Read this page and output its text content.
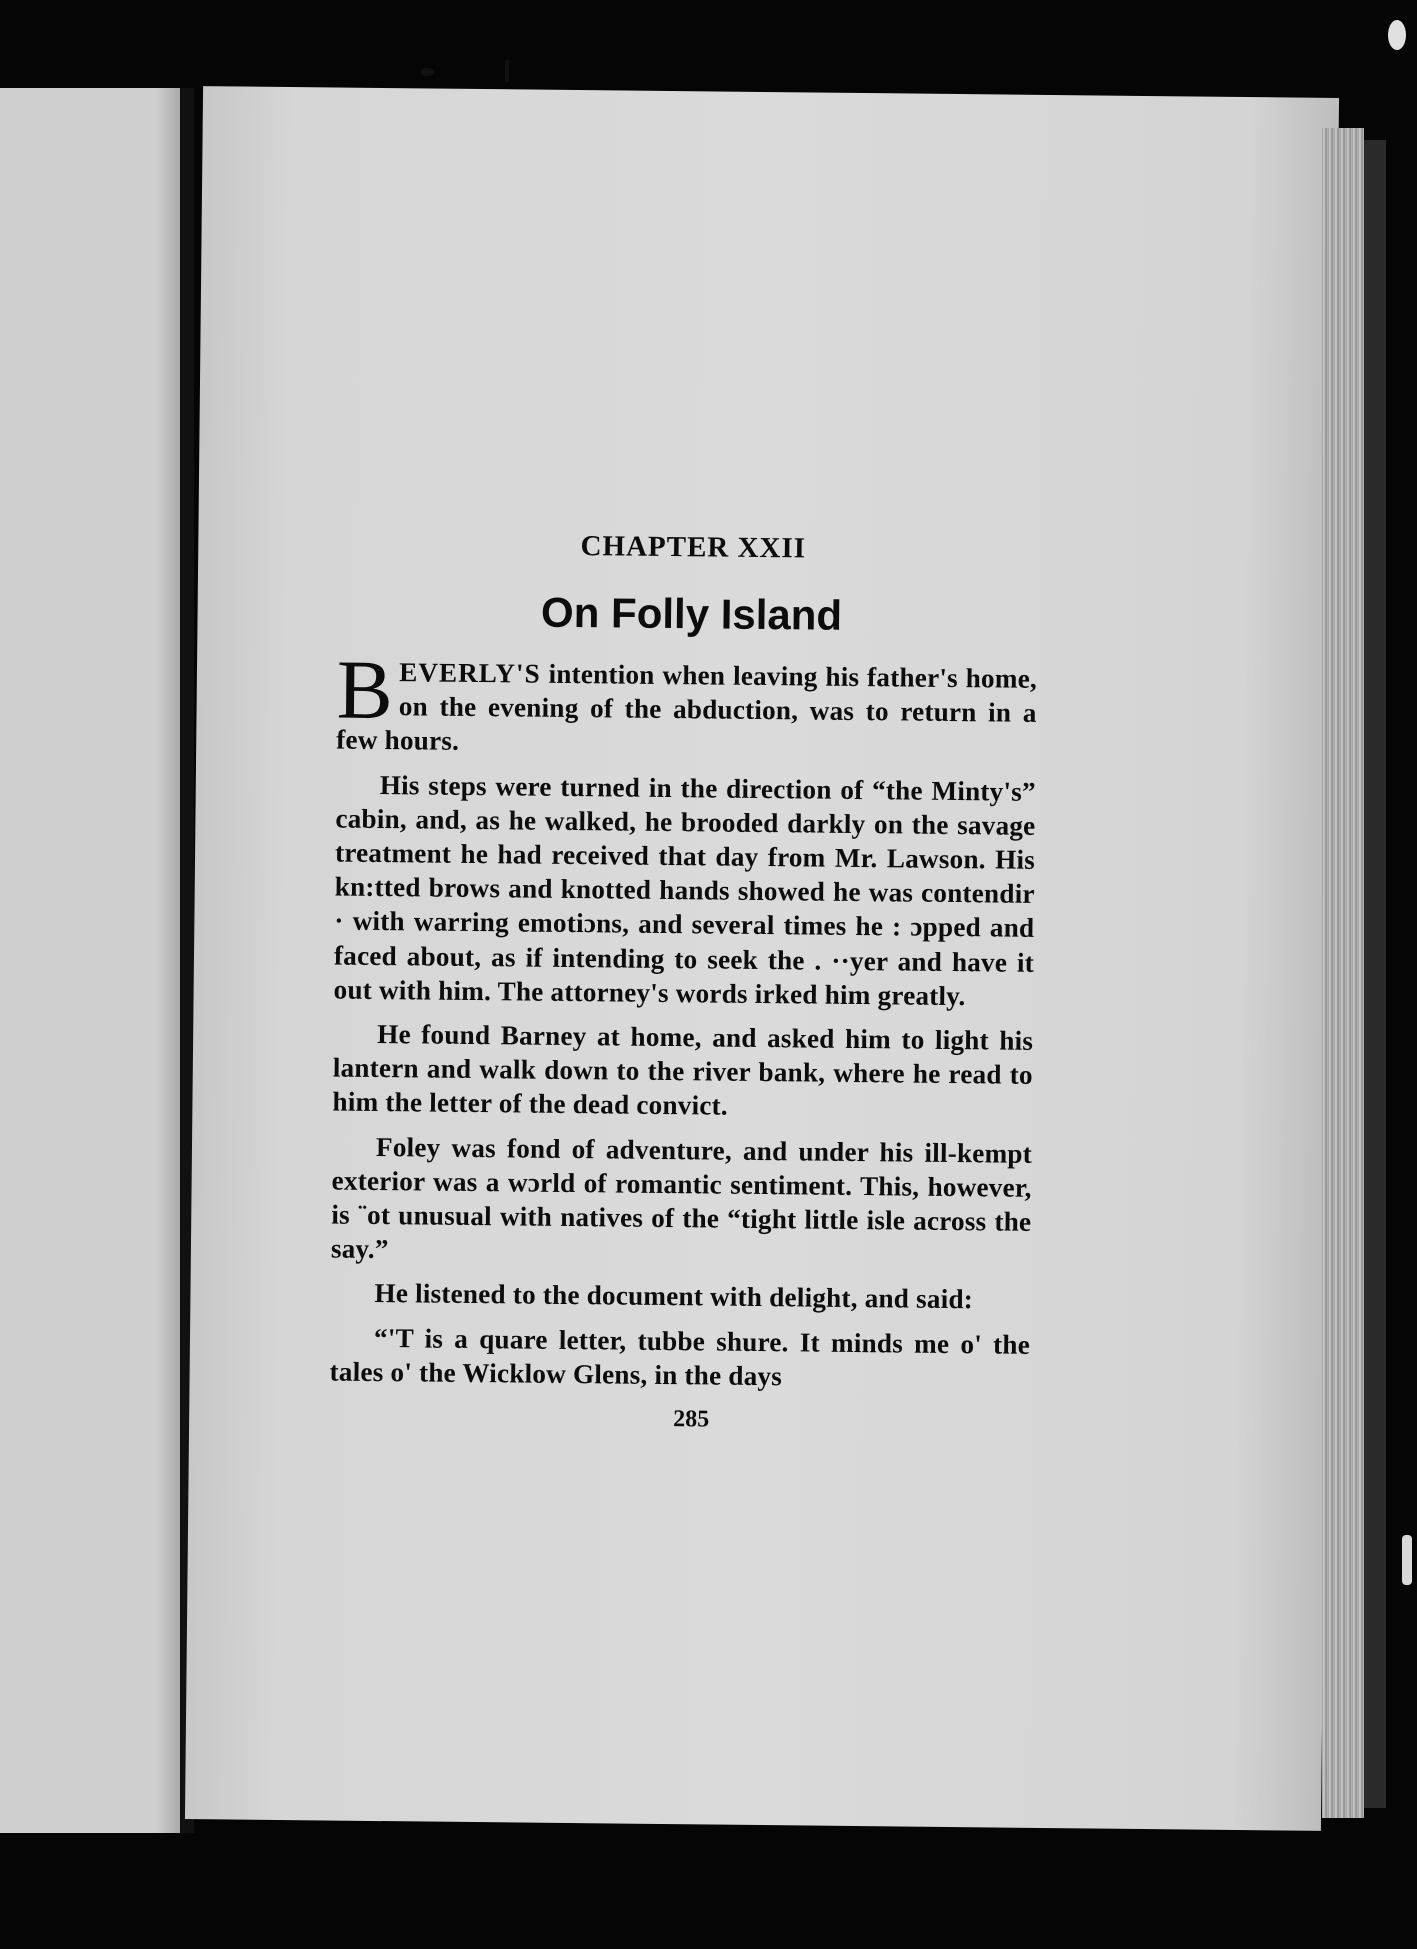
CHAPTER XXII
On Folly Island

BEVERLY'S intention when leaving his father's home, on the evening of the abduction, was to return in a few hours.

His steps were turned in the direction of “the Minty's” cabin, and, as he walked, he brooded darkly on the savage treatment he had received that day from Mr. Lawson. His kn:tted brows and knotted hands showed he was contendir · with warring emotiɔns, and several times he : ɔpped and faced about, as if intending to seek the . ··yer and have it out with him. The attorney's words irked him greatly.

He found Barney at home, and asked him to light his lantern and walk down to the river bank, where he read to him the letter of the dead convict.

Foley was fond of adventure, and under his ill-kempt exterior was a wɔrld of romantic sentiment. This, however, is ¨ot unusual with natives of the “tight little isle across the say.”

He listened to the document with delight, and said:

“'T is a quare letter, tubbe shure. It minds me o' the tales o' the Wicklow Glens, in the days

285
